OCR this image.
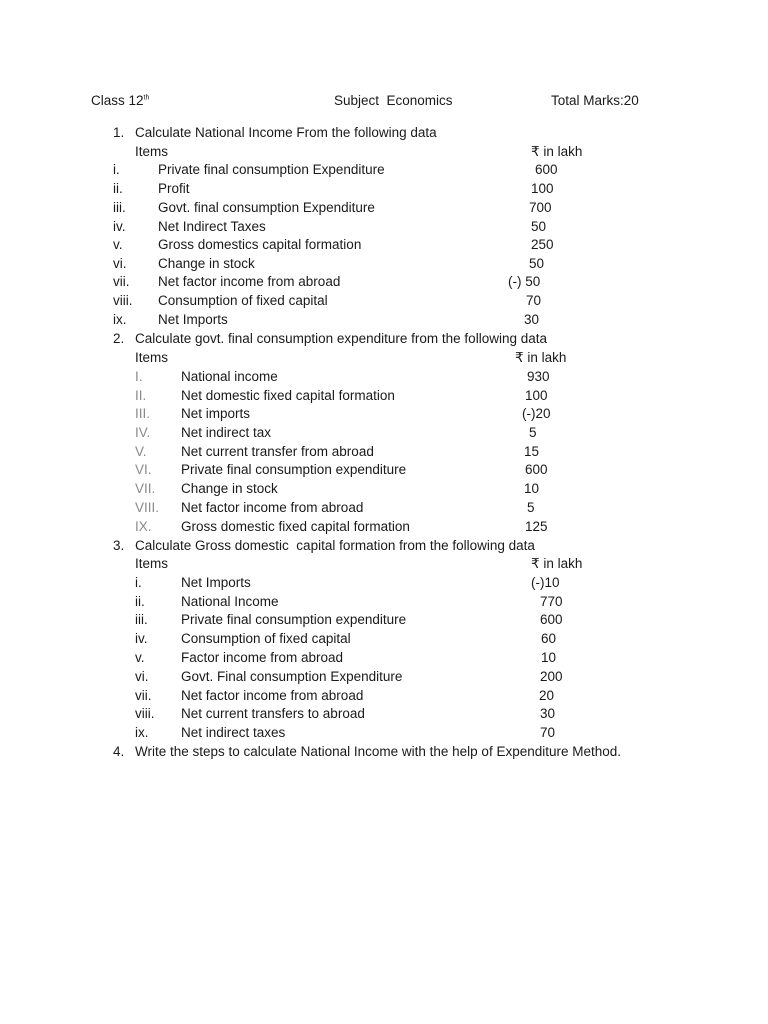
Class 12th	Subject  Economics	Total Marks:20
1. Calculate National Income From the following data
Items	₹ in lakh
i.	Private final consumption Expenditure	600
ii.	Profit	100
iii. Govt. final consumption Expenditure	700
iv. Net Indirect Taxes	50
v.	Gross domestics capital formation	250
vi. Change in stock	50
vii. Net factor income from abroad	(-) 50
viii. Consumption of fixed capital	70
ix. Net Imports	30
2. Calculate govt. final consumption expenditure from the following data
Items	₹ in lakh
I.	National income	930
II.	Net domestic fixed capital formation	100
III. Net imports	(-)20
IV. Net indirect tax	5
V.	Net current transfer from abroad	15
VI. Private final consumption expenditure	600
VII. Change in stock	10
VIII. Net factor income from abroad	5
IX. Gross domestic fixed capital formation	125
3. Calculate Gross domestic  capital formation from the following data
Items	₹ in lakh
i.	Net Imports	(-)10
ii.	National Income	770
iii. Private final consumption expenditure	600
iv. Consumption of fixed capital	60
v.	Factor income from abroad	10
vi. Govt. Final consumption Expenditure	200
vii. Net factor income from abroad	20
viii. Net current transfers to abroad	30
ix. Net indirect taxes	70
4. Write the steps to calculate National Income with the help of Expenditure Method.
